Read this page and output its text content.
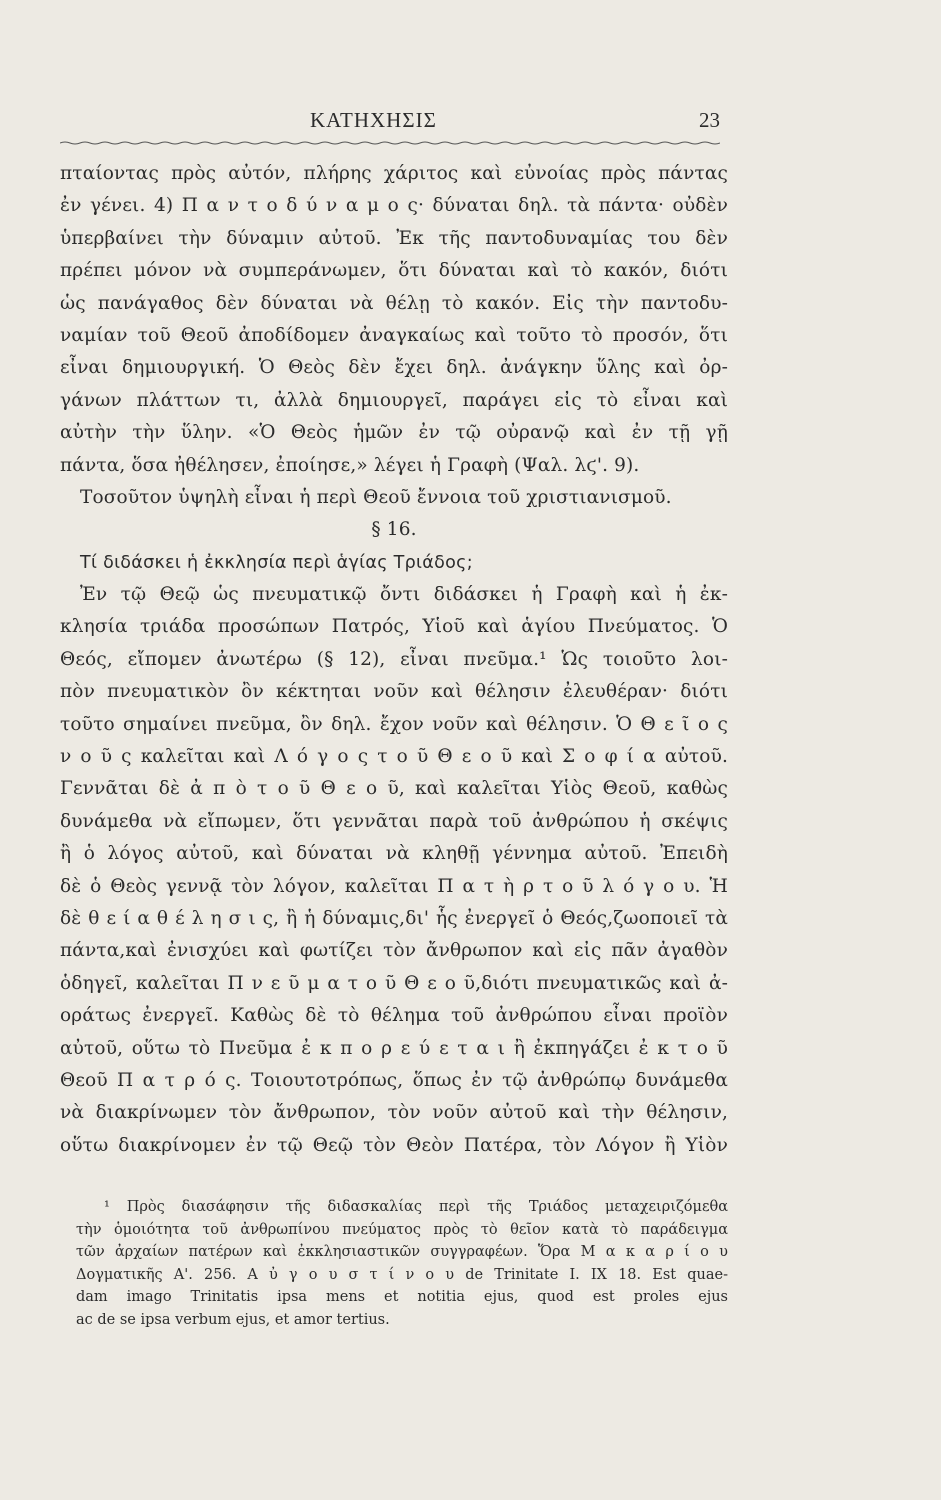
ΚΑΤΗΧΗΣΙΣ	23
πταίοντας πρὸς αὐτόν, πλήρης χάριτος καὶ εὐνοίας πρὸς πάντας
ἐν γένει. 4) Π α ν τ ο δ ύ ν α μ ο ς· δύναται δηλ. τὰ πάντα· οὐδὲν
ὑπερβαίνει τὴν δύναμιν αὐτοῦ. Ἐκ τῆς παντοδυναμίας του δὲν
πρέπει μόνον νὰ συμπεράνωμεν, ὅτι δύναται καὶ τὸ κακόν, διότι
ὡς πανάγαθος δὲν δύναται νὰ θέλῃ τὸ κακόν. Εἰς τὴν παντοδυ-
ναμίαν τοῦ Θεοῦ ἀποδίδομεν ἀναγκαίως καὶ τοῦτο τὸ προσόν, ὅτι
εἶναι δημιουργική. Ὁ Θεὸς δὲν ἔχει δηλ. ἀνάγκην ὕλης καὶ ὀρ-
γάνων πλάττων τι, ἀλλὰ δημιουργεῖ, παράγει εἰς τὸ εἶναι καὶ
αὐτὴν τὴν ὕλην. «Ὁ Θεὸς ἡμῶν ἐν τῷ οὐρανῷ καὶ ἐν τῇ γῇ
πάντα, ὅσα ἠθέλησεν, ἐποίησε,» λέγει ἡ Γραφὴ (Ψαλ. λϛ'. 9).
Τοσοῦτον ὑψηλὴ εἶναι ἡ περὶ Θεοῦ ἔννοια τοῦ χριστιανισμοῦ.
§ 16.
Τί διδάσκει ἡ ἐκκλησία περὶ ἁγίας Τριάδος;
Ἐν τῷ Θεῷ ὡς πνευματικῷ ὄντι διδάσκει ἡ Γραφὴ καὶ ἡ ἐκ-
κλησία τριάδα προσώπων Πατρός, Υἱοῦ καὶ ἁγίου Πνεύματος. Ὁ
Θεός, εἴπομεν ἀνωτέρω (§ 12), εἶναι πνεῦμα.¹ Ὡς τοιοῦτο λοι-
πὸν πνευματικὸν ὂν κέκτηται νοῦν καὶ θέλησιν ἐλευθέραν· διότι
τοῦτο σημαίνει πνεῦμα, ὂν δηλ. ἔχον νοῦν καὶ θέλησιν. Ὁ Θ ε ῖ ο ς
ν ο ῦ ς καλεῖται καὶ Λ ό γ ο ς τ ο ῦ Θ ε ο ῦ καὶ Σ ο φ ί α αὐτοῦ.
Γεννᾶται δὲ ἀ π ὸ τ ο ῦ Θ ε ο ῦ, καὶ καλεῖται Υἱὸς Θεοῦ, καθὼς
δυνάμεθα νὰ εἴπωμεν, ὅτι γεννᾶται παρὰ τοῦ ἀνθρώπου ἡ σκέψις
ἢ ὁ λόγος αὐτοῦ, καὶ δύναται νὰ κληθῇ γέννημα αὐτοῦ. Ἐπειδὴ
δὲ ὁ Θεὸς γεννᾷ τὸν λόγον, καλεῖται Π α τ ὴ ρ τ ο ῦ λ ό γ ο υ. Ἡ
δὲ θ ε ί α θ έ λ η σ ι ς, ἢ ἡ δύναμις,δι' ἧς ἐνεργεῖ ὁ Θεός,ζωοποιεῖ τὰ
πάντα,καὶ ἐνισχύει καὶ φωτίζει τὸν ἄνθρωπον καὶ εἰς πᾶν ἀγαθὸν
ὁδηγεῖ, καλεῖται Π ν ε ῦ μ α τ ο ῦ Θ ε ο ῦ,διότι πνευματικῶς καὶ ἀ-
οράτως ἐνεργεῖ. Καθὼς δὲ τὸ θέλημα τοῦ ἀνθρώπου εἶναι προϊὸν
αὐτοῦ, οὕτω τὸ Πνεῦμα ἐ κ π ο ρ ε ύ ε τ α ι ἢ ἐκπηγάζει ἐ κ τ ο ῦ
Θεοῦ Π α τ ρ ό ς. Τοιουτοτρόπως, ὅπως ἐν τῷ ἀνθρώπῳ δυνάμεθα
νὰ διακρίνωμεν τὸν ἄνθρωπον, τὸν νοῦν αὐτοῦ καὶ τὴν θέλησιν,
οὕτω διακρίνομεν ἐν τῷ Θεῷ τὸν Θεὸν Πατέρα, τὸν Λόγον ἢ Υἱὸν
¹ Πρὸς διασάφησιν τῆς διδασκαλίας περὶ τῆς Τριάδος μεταχειριζόμεθα
τὴν ὁμοιότητα τοῦ ἀνθρωπίνου πνεύματος πρὸς τὸ θεῖον κατὰ τὸ παράδειγμα
τῶν ἀρχαίων πατέρων καὶ ἐκκλησιαστικῶν συγγραφέων. Ὅρα Μ α κ α ρ ί ο υ
Δογματικῆς Α'. 256. Α ὐ γ ο υ σ τ ί ν ο υ de Trinitate I. IX 18. Est quae-
dam imago Trinitatis ipsa mens et notitia ejus, quod est proles ejus
ac de se ipsa verbum ejus, et amor tertius.
